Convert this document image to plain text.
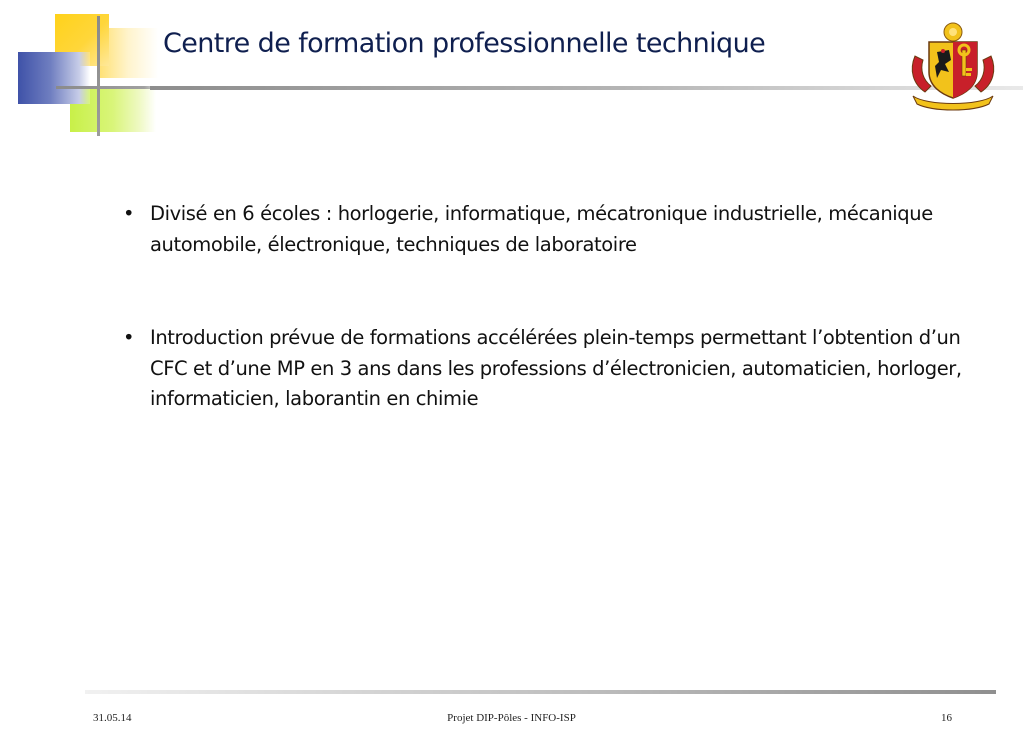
Centre de formation professionnelle technique
• Divisé en 6 écoles : horlogerie, informatique, mécatronique industrielle, mécanique automobile, électronique, techniques de laboratoire
• Introduction prévue de formations accélérées plein-temps permettant l’obtention d’un CFC et d’une MP en 3 ans dans les professions d’électronicien, automaticien, horloger, informaticien, laborantin en chimie
31.05.14	Projet DIP-Pôles - INFO-ISP	16
